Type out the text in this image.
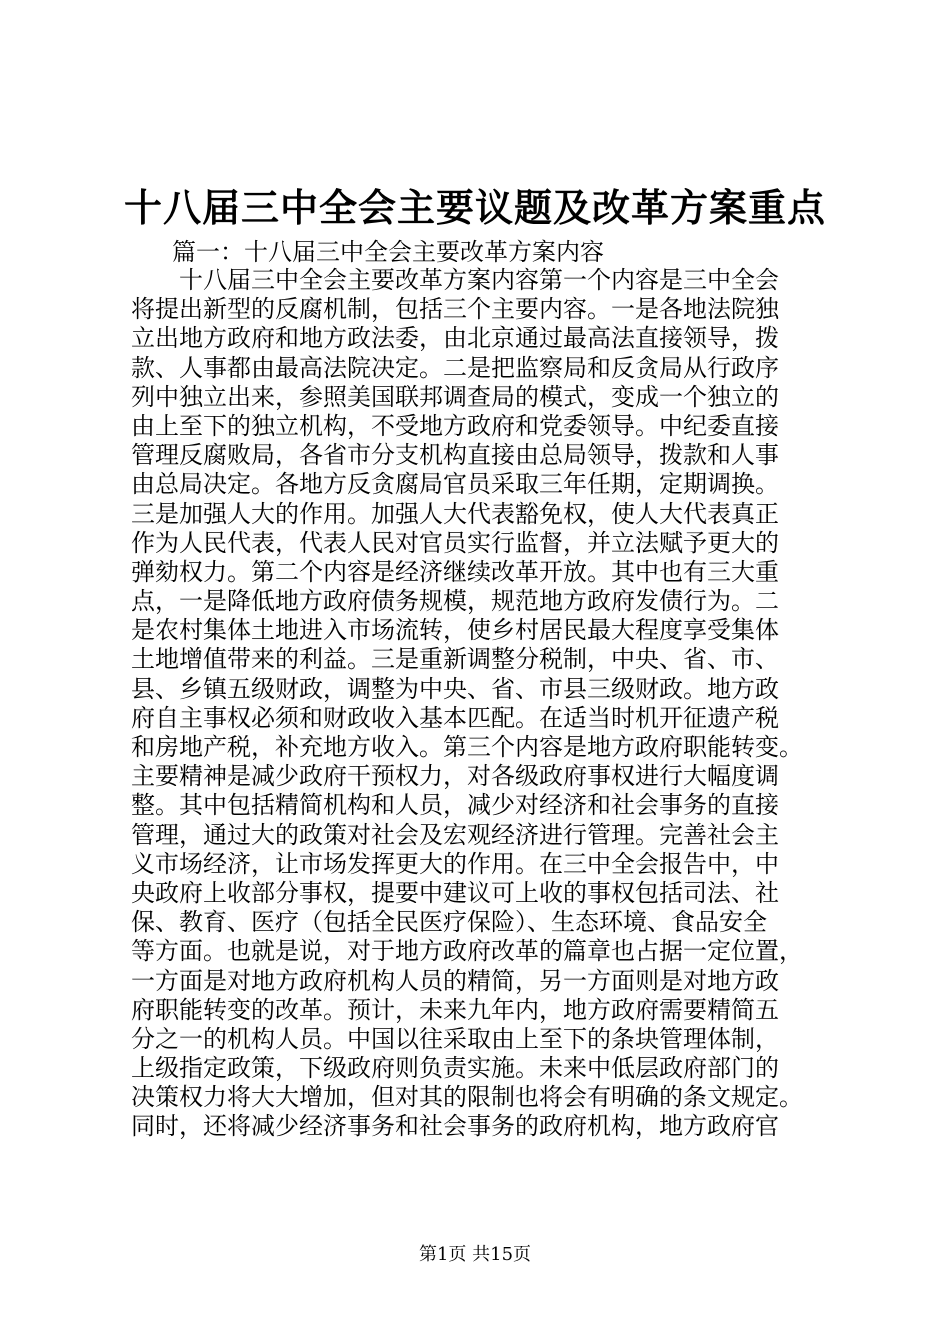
十八届三中全会主要议题及改革方案重点

篇一：十八届三中全会主要改革方案内容

　　十八届三中全会主要改革方案内容第一个内容是三中全会
将提出新型的反腐机制，包括三个主要内容。一是各地法院独
立出地方政府和地方政法委，由北京通过最高法直接领导，拨
款、人事都由最高法院决定。二是把监察局和反贪局从行政序
列中独立出来，参照美国联邦调查局的模式，变成一个独立的
由上至下的独立机构，不受地方政府和党委领导。中纪委直接
管理反腐败局，各省市分支机构直接由总局领导，拨款和人事
由总局决定。各地方反贪腐局官员采取三年任期，定期调换。
三是加强人大的作用。加强人大代表豁免权，使人大代表真正
作为人民代表，代表人民对官员实行监督，并立法赋予更大的
弹劾权力。第二个内容是经济继续改革开放。其中也有三大重
点，一是降低地方政府债务规模，规范地方政府发债行为。二
是农村集体土地进入市场流转，使乡村居民最大程度享受集体
土地增值带来的利益。三是重新调整分税制，中央、省、市、
县、乡镇五级财政，调整为中央、省、市县三级财政。地方政
府自主事权必须和财政收入基本匹配。在适当时机开征遗产税
和房地产税，补充地方收入。第三个内容是地方政府职能转变。
主要精神是减少政府干预权力，对各级政府事权进行大幅度调
整。其中包括精简机构和人员，减少对经济和社会事务的直接
管理，通过大的政策对社会及宏观经济进行管理。完善社会主
义市场经济，让市场发挥更大的作用。在三中全会报告中，中
央政府上收部分事权，提要中建议可上收的事权包括司法、社
保、教育、医疗（包括全民医疗保险）、生态环境、食品安全
等方面。也就是说，对于地方政府改革的篇章也占据一定位置，
一方面是对地方政府机构人员的精简，另一方面则是对地方政
府职能转变的改革。预计，未来九年内，地方政府需要精简五
分之一的机构人员。中国以往采取由上至下的条块管理体制，
上级指定政策，下级政府则负责实施。未来中低层政府部门的
决策权力将大大增加，但对其的限制也将会有明确的条文规定。
同时，还将减少经济事务和社会事务的政府机构，地方政府官
第1页 共15页
